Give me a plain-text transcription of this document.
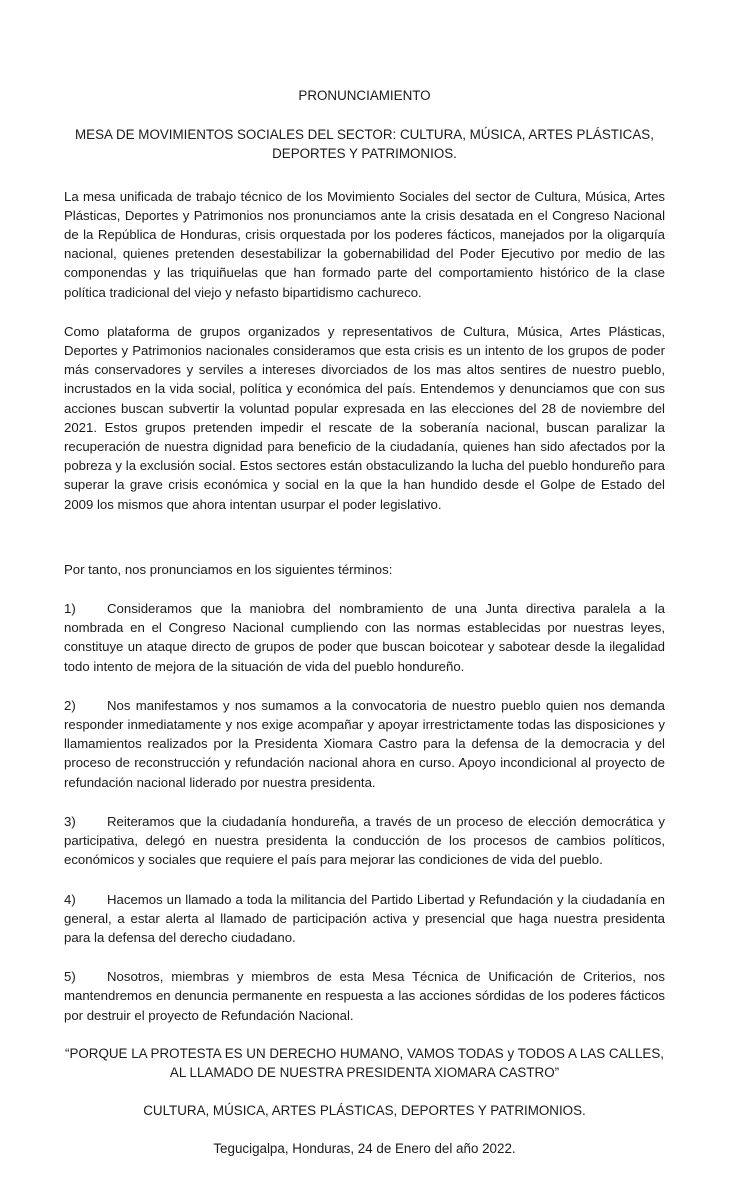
PRONUNCIAMIENTO

MESA DE MOVIMIENTOS SOCIALES DEL SECTOR: CULTURA, MÚSICA, ARTES PLÁSTICAS, DEPORTES Y PATRIMONIOS.

La mesa unificada de trabajo técnico de los Movimiento Sociales del sector de Cultura, Música, Artes Plásticas, Deportes y Patrimonios nos pronunciamos ante la crisis desatada en el Congreso Nacional de la República de Honduras, crisis orquestada por los poderes fácticos, manejados por la oligarquía nacional, quienes pretenden desestabilizar la gobernabilidad del Poder Ejecutivo por medio de las componendas y las triquiñuelas que han formado parte del comportamiento histórico de la clase política tradicional del viejo y nefasto bipartidismo cachureco.

Como plataforma de grupos organizados y representativos de Cultura, Música, Artes Plásticas, Deportes y Patrimonios nacionales consideramos que esta crisis es un intento de los grupos de poder más conservadores y serviles a intereses divorciados de los mas altos sentires de nuestro pueblo, incrustados en la vida social, política y económica del país. Entendemos y denunciamos que con sus acciones buscan subvertir la voluntad popular expresada en las elecciones del 28 de noviembre del 2021. Estos grupos pretenden impedir el rescate de la soberanía nacional, buscan paralizar la recuperación de nuestra dignidad para beneficio de la ciudadanía, quienes han sido afectados por la pobreza y la exclusión social. Estos sectores están obstaculizando la lucha del pueblo hondureño para superar la grave crisis económica y social en la que la han hundido desde el Golpe de Estado del 2009 los mismos que ahora intentan usurpar el poder legislativo.

Por tanto, nos pronunciamos en los siguientes términos:

1) Consideramos que la maniobra del nombramiento de una Junta directiva paralela a la nombrada en el Congreso Nacional cumpliendo con las normas establecidas por nuestras leyes, constituye un ataque directo de grupos de poder que buscan boicotear y sabotear desde la ilegalidad todo intento de mejora de la situación de vida del pueblo hondureño.
2) Nos manifestamos y nos sumamos a la convocatoria de nuestro pueblo quien nos demanda responder inmediatamente y nos exige acompañar y apoyar irrestrictamente todas las disposiciones y llamamientos realizados por la Presidenta Xiomara Castro para la defensa de la democracia y del proceso de reconstrucción y refundación nacional ahora en curso. Apoyo incondicional al proyecto de refundación nacional liderado por nuestra presidenta.
3) Reiteramos que la ciudadanía hondureña, a través de un proceso de elección democrática y participativa, delegó en nuestra presidenta la conducción de los procesos de cambios políticos, económicos y sociales que requiere el país para mejorar las condiciones de vida del pueblo.
4) Hacemos un llamado a toda la militancia del Partido Libertad y Refundación y la ciudadanía en general, a estar alerta al llamado de participación activa y presencial que haga nuestra presidenta para la defensa del derecho ciudadano.
5) Nosotros, miembras y miembros de esta Mesa Técnica de Unificación de Criterios, nos mantendremos en denuncia permanente en respuesta a las acciones sórdidas de los poderes fácticos por destruir el proyecto de Refundación Nacional.

“PORQUE LA PROTESTA ES UN DERECHO HUMANO, VAMOS TODAS y TODOS A LAS CALLES, AL LLAMADO DE NUESTRA PRESIDENTA XIOMARA CASTRO”

CULTURA, MÚSICA, ARTES PLÁSTICAS, DEPORTES Y PATRIMONIOS.

Tegucigalpa, Honduras, 24 de Enero del año 2022.
